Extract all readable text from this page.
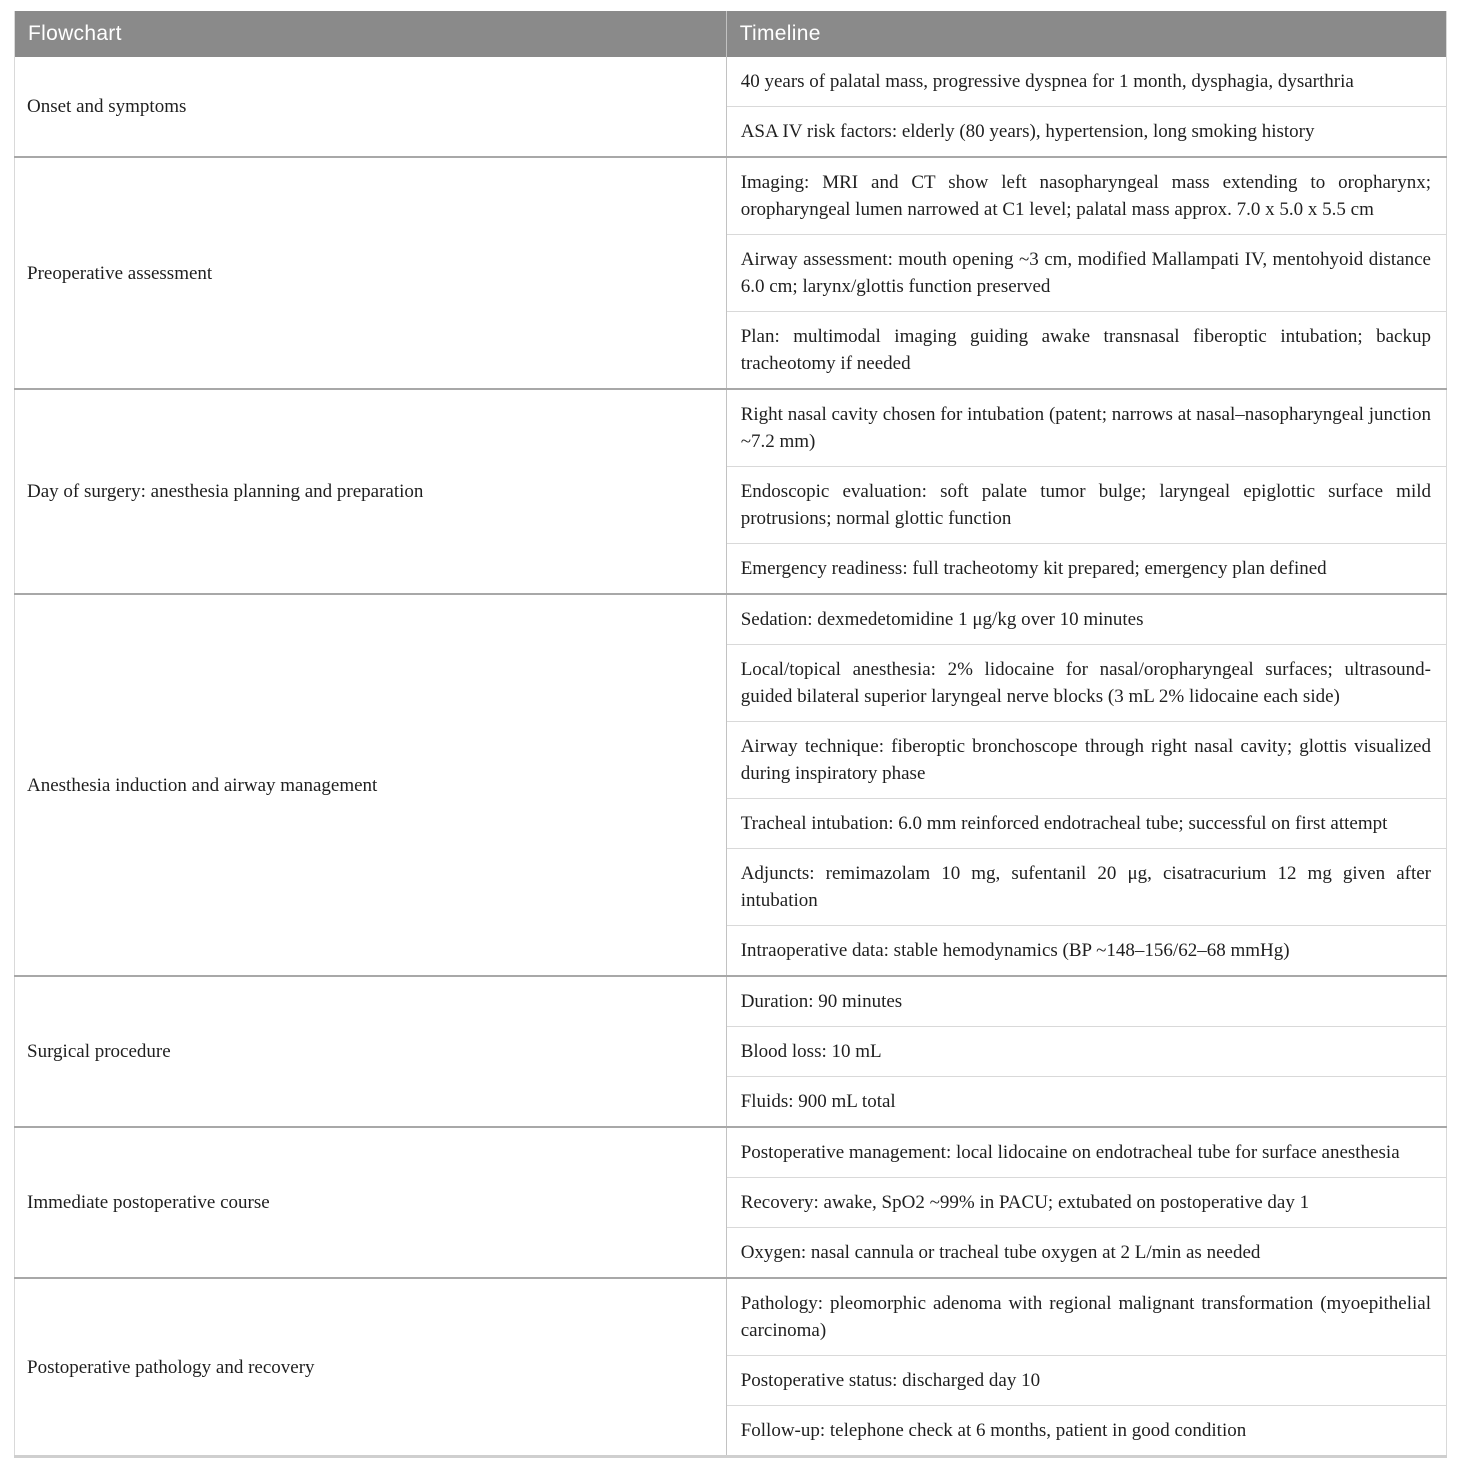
Flowchart	Timeline
Onset and symptoms	40 years of palatal mass, progressive dyspnea for 1 month, dysphagia, dysarthria
	ASA IV risk factors: elderly (80 years), hypertension, long smoking history
Preoperative assessment	Imaging: MRI and CT show left nasopharyngeal mass extending to oropharynx; oropharyngeal lumen narrowed at C1 level; palatal mass approx. 7.0 x 5.0 x 5.5 cm
	Airway assessment: mouth opening ~3 cm, modified Mallampati IV, mentohyoid distance 6.0 cm; larynx/glottis function preserved
	Plan: multimodal imaging guiding awake transnasal fiberoptic intubation; backup tracheotomy if needed
Day of surgery: anesthesia planning and preparation	Right nasal cavity chosen for intubation (patent; narrows at nasal–nasopharyngeal junction ~7.2 mm)
	Endoscopic evaluation: soft palate tumor bulge; laryngeal epiglottic surface mild protrusions; normal glottic function
	Emergency readiness: full tracheotomy kit prepared; emergency plan defined
Anesthesia induction and airway management	Sedation: dexmedetomidine 1 μg/kg over 10 minutes
	Local/topical anesthesia: 2% lidocaine for nasal/oropharyngeal surfaces; ultrasound-guided bilateral superior laryngeal nerve blocks (3 mL 2% lidocaine each side)
	Airway technique: fiberoptic bronchoscope through right nasal cavity; glottis visualized during inspiratory phase
	Tracheal intubation: 6.0 mm reinforced endotracheal tube; successful on first attempt
	Adjuncts: remimazolam 10 mg, sufentanil 20 μg, cisatracurium 12 mg given after intubation
	Intraoperative data: stable hemodynamics (BP ~148–156/62–68 mmHg)
Surgical procedure	Duration: 90 minutes
	Blood loss: 10 mL
	Fluids: 900 mL total
Immediate postoperative course	Postoperative management: local lidocaine on endotracheal tube for surface anesthesia
	Recovery: awake, SpO2 ~99% in PACU; extubated on postoperative day 1
	Oxygen: nasal cannula or tracheal tube oxygen at 2 L/min as needed
Postoperative pathology and recovery	Pathology: pleomorphic adenoma with regional malignant transformation (myoepithelial carcinoma)
	Postoperative status: discharged day 10
	Follow-up: telephone check at 6 months, patient in good condition
